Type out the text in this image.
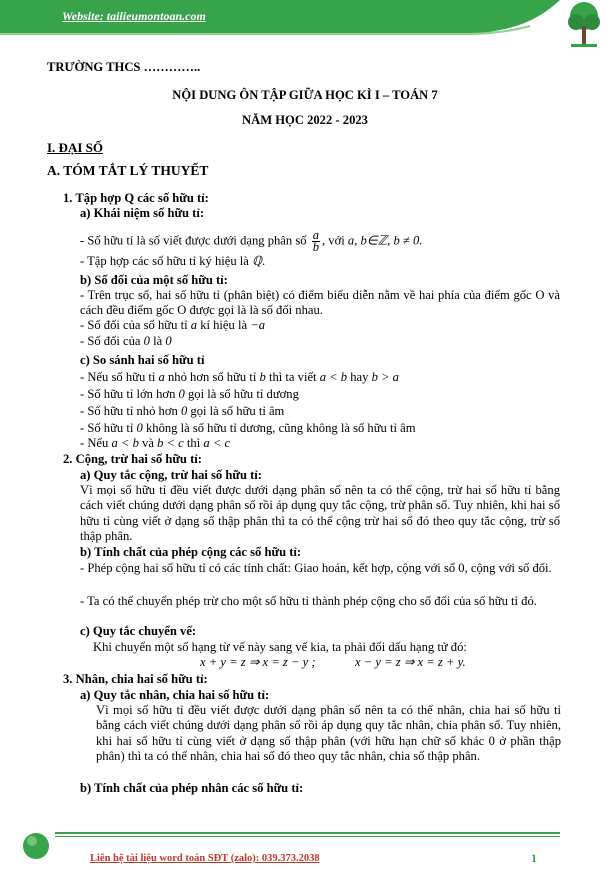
Website: tailieumontoan.com
TRƯỜNG THCS …………..
NỘI DUNG ÔN TẬP GIỮA HỌC KÌ I – TOÁN 7
NĂM HỌC 2022 - 2023
I. ĐẠI SỐ
A. TÓM TẮT LÝ THUYẾT
1. Tập hợp Q các số hữu tỉ:
a) Khái niệm số hữu tỉ:
- Số hữu tỉ là số viết được dưới dạng phân số $\frac{a}{b}$ , với a, b∈ℤ, b ≠ 0.
- Tập hợp các số hữu tỉ ký hiệu là ℚ.
b) Số đối của một số hữu tỉ:
- Trên trục số, hai số hữu tỉ (phân biệt) có điểm biểu diễn nằm về hai phía của điểm gốc O và cách đều điểm gốc O được gọi là là số đối nhau.
- Số đối của số hữu tỉ a kí hiệu là −a
- Số đối của 0 là 0
c) So sánh hai số hữu tỉ
- Nếu số hữu tỉ a nhỏ hơn số hữu tỉ b thì ta viết a < b hay b > a
- Số hữu tỉ lớn hơn 0 gọi là số hữu tỉ dương
- Số hữu tỉ nhỏ hơn 0 gọi là số hữu tỉ âm
- Số hữu tỉ 0 không là số hữu tỉ dương, cũng không là số hữu tỉ âm
- Nếu a < b và b < c thì a < c
2. Cộng, trừ hai số hữu tỉ:
a) Quy tắc cộng, trừ hai số hữu tỉ:
Vì mọi số hữu tỉ đều viết được dưới dạng phân số nên ta có thể cộng, trừ hai số hữu tỉ bằng cách viết chúng dưới dạng phân số rồi áp dụng quy tắc cộng, trừ phân số. Tuy nhiên, khi hai số hữu tỉ cùng viết ở dạng số thập phân thì ta có thể cộng trừ hai số đó theo quy tắc cộng, trừ số thập phân.
b) Tính chất của phép cộng các số hữu tỉ:
- Phép cộng hai số hữu tỉ có các tính chất: Giao hoán, kết hợp, cộng với số 0, cộng với số đối.
- Ta có thể chuyển phép trừ cho một số hữu tỉ thành phép cộng cho số đối của số hữu tỉ đó.
c) Quy tắc chuyển vế:
Khi chuyển một số hạng từ vế này sang vế kia, ta phải đổi dấu hạng tử đó:
x + y = z ⇒ x = z − y ;	x − y = z ⇒ x = z + y.
3. Nhân, chia hai số hữu tỉ:
a) Quy tắc nhân, chia hai số hữu tỉ:
Vì mọi số hữu tỉ đều viết được dưới dạng phân số nên ta có thể nhân, chia hai số hữu tỉ bằng cách viết chúng dưới dạng phân số rồi áp dụng quy tắc nhân, chia phân số. Tuy nhiên, khi hai số hữu tỉ cùng viết ở dạng số thập phân (với hữu hạn chữ số khác 0 ở phần thập phân) thì ta có thể nhân, chia hai số đó theo quy tắc nhân, chia số thập phân.
b) Tính chất của phép nhân các số hữu tỉ:
Liên hệ tài liệu word toán SĐT (zalo): 039.373.2038	1
